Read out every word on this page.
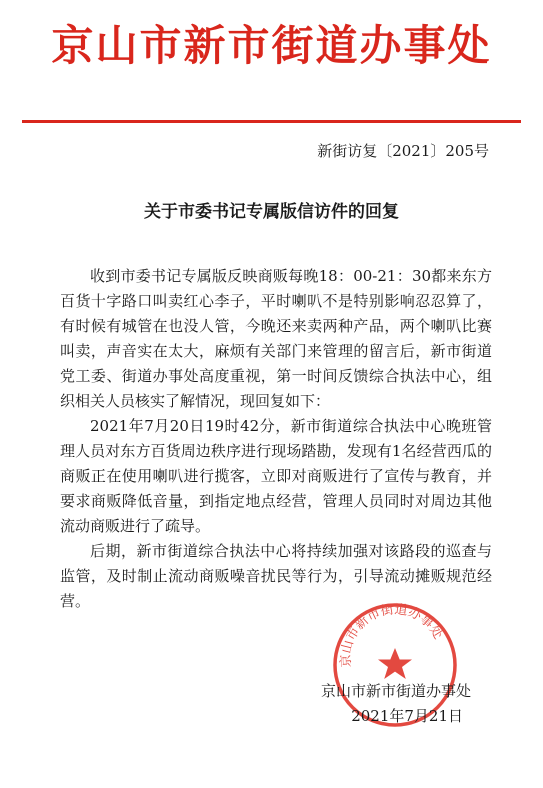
京山市新市街道办事处
新街访复〔2021〕205号
关于市委书记专属版信访件的回复

收到市委书记专属版反映商贩每晚18：00-21：30都来东方百货十字路口叫卖红心李子，平时喇叭不是特别影响忍忍算了，有时候有城管在也没人管，今晚还来卖两种产品，两个喇叭比赛叫卖，声音实在太大，麻烦有关部门来管理的留言后，新市街道党工委、街道办事处高度重视，第一时间反馈综合执法中心，组织相关人员核实了解情况，现回复如下：

2021年7月20日19时42分，新市街道综合执法中心晚班管理人员对东方百货周边秩序进行现场踏勘，发现有1名经营西瓜的商贩正在使用喇叭进行揽客，立即对商贩进行了宣传与教育，并要求商贩降低音量，到指定地点经营，管理人员同时对周边其他流动商贩进行了疏导。

后期，新市街道综合执法中心将持续加强对该路段的巡查与监管，及时制止流动商贩噪音扰民等行为，引导流动摊贩规范经营。

京山市新市街道办事处
京山市新市街道办事处
2021年7月21日
